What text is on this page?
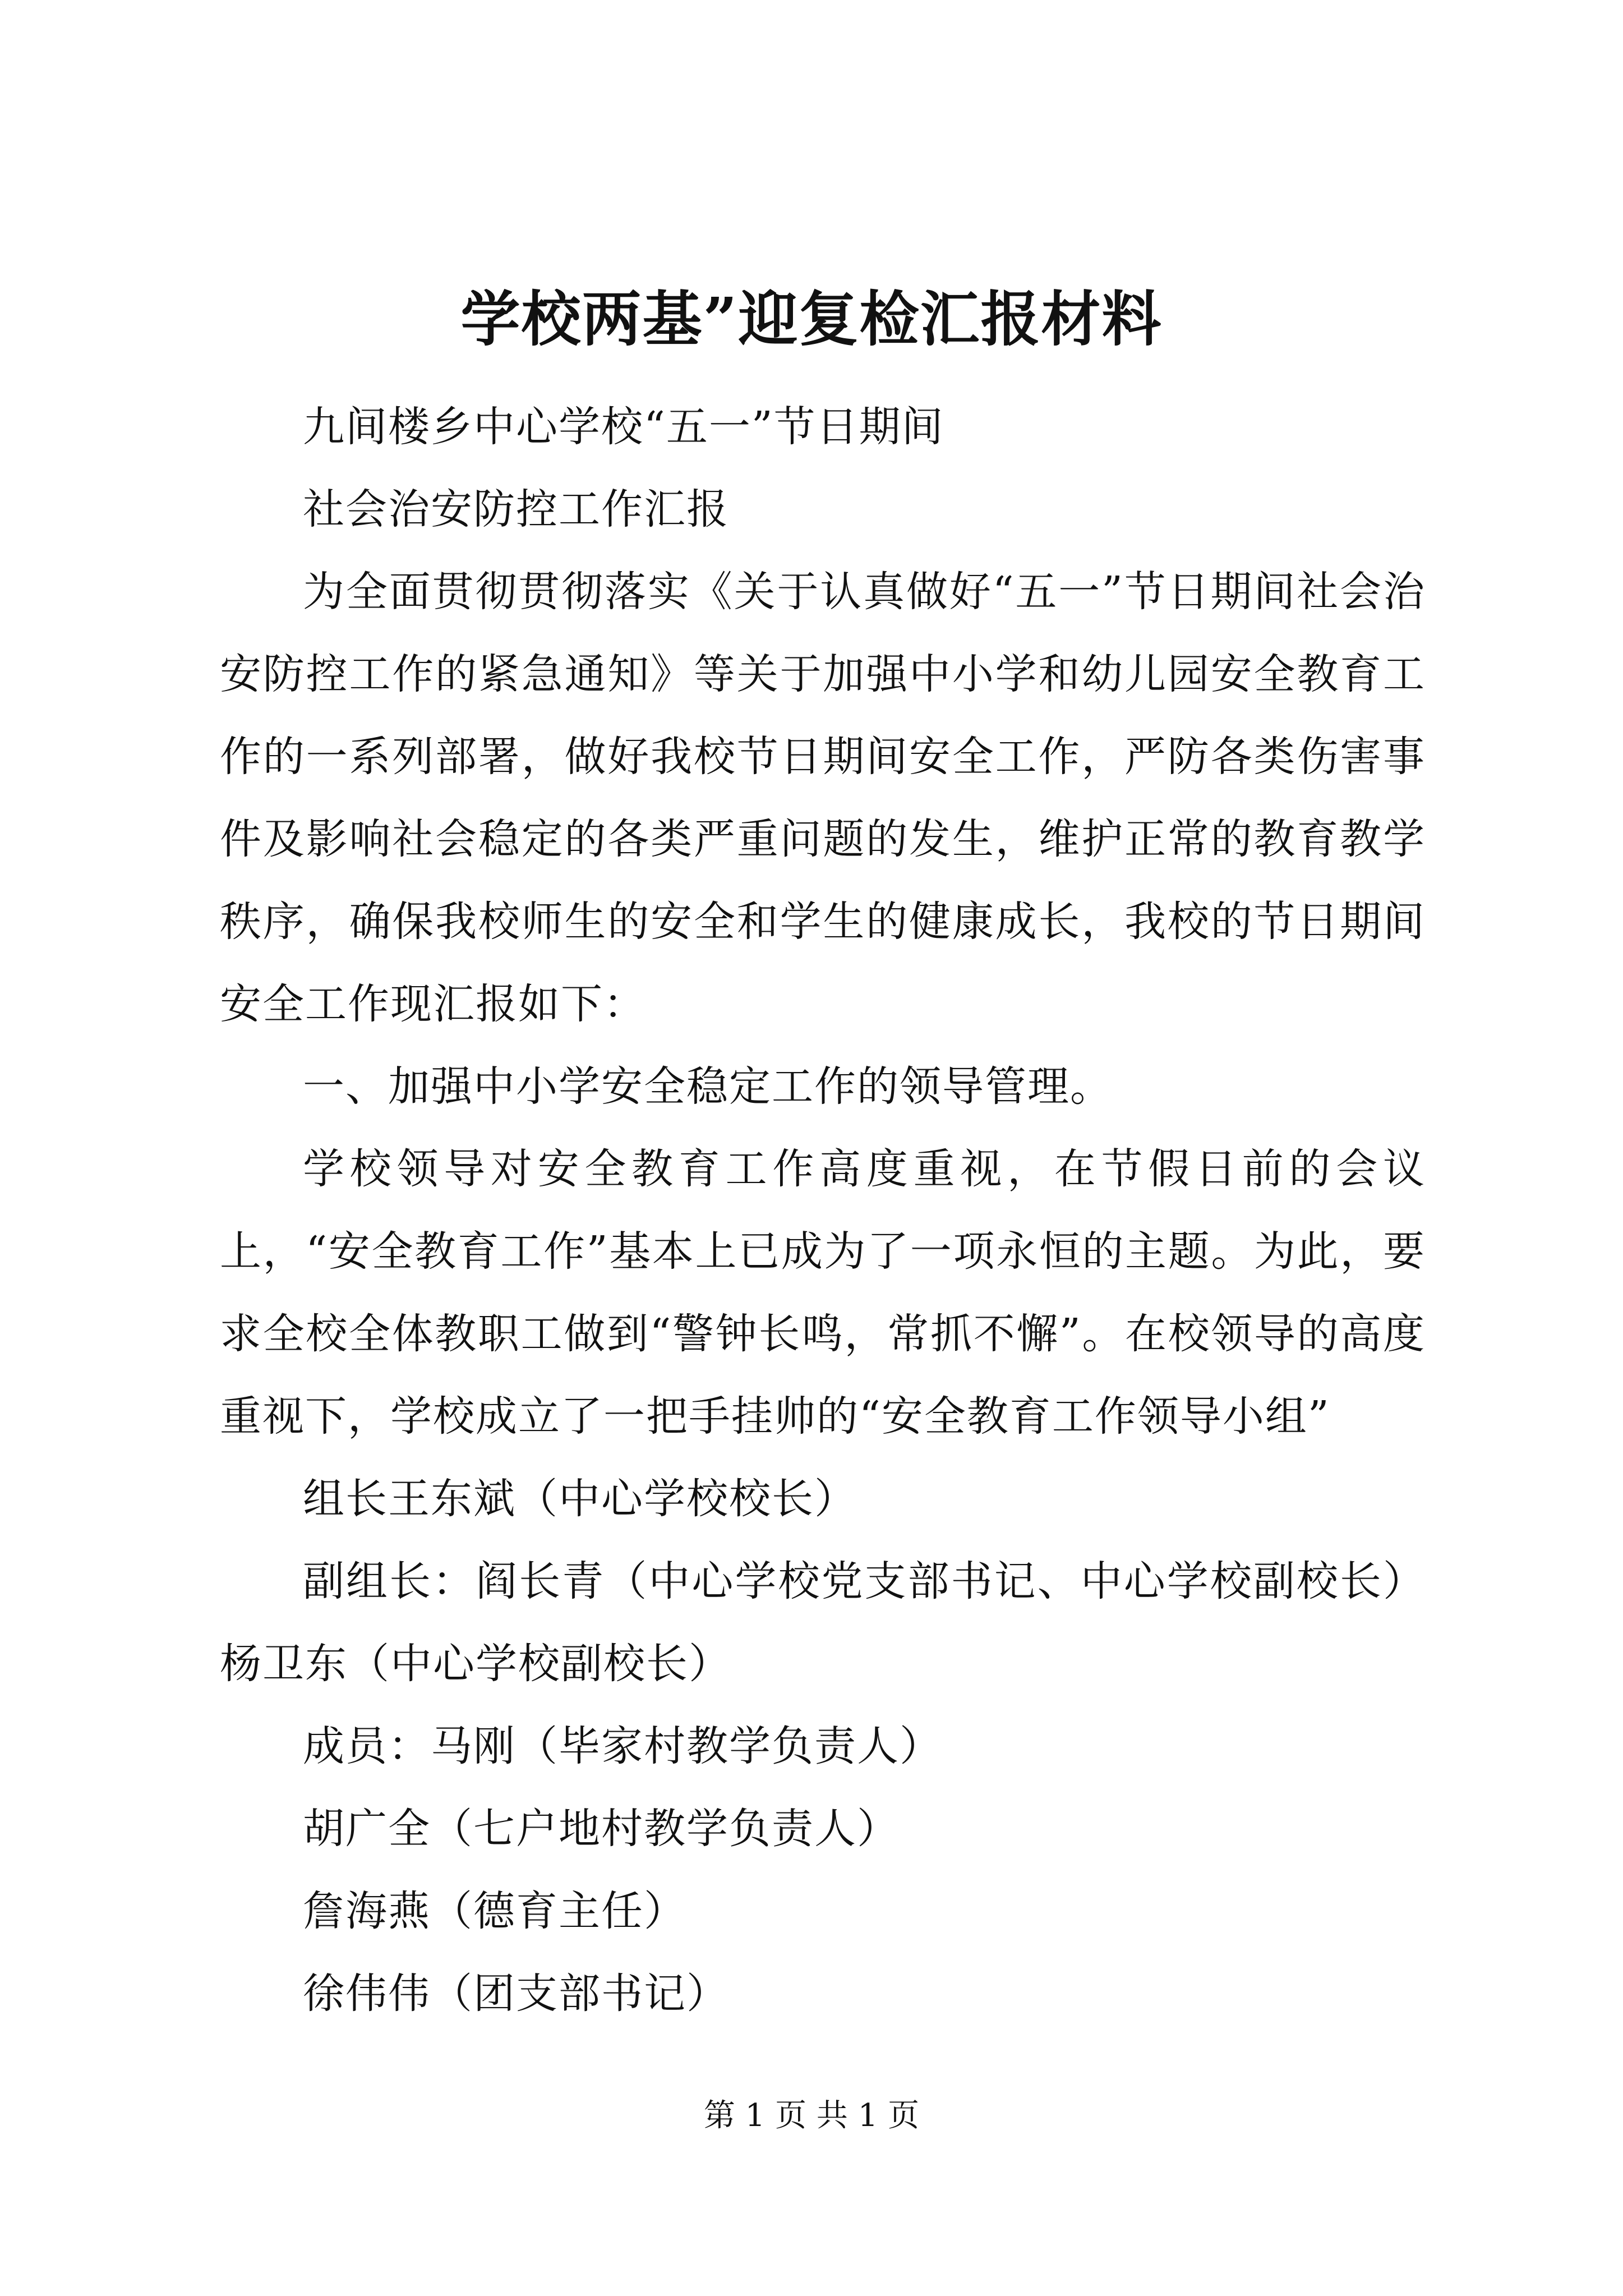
学校两基”迎复检汇报材料

九间楼乡中心学校“五一”节日期间

社会治安防控工作汇报

为全面贯彻贯彻落实《关于认真做好“五一”节日期间社会治安防控工作的紧急通知》等关于加强中小学和幼儿园安全教育工作的一系列部署，做好我校节日期间安全工作，严防各类伤害事件及影响社会稳定的各类严重问题的发生，维护正常的教育教学秩序，确保我校师生的安全和学生的健康成长，我校的节日期间安全工作现汇报如下：

一、加强中小学安全稳定工作的领导管理。

学校领导对安全教育工作高度重视，在节假日前的会议上，“安全教育工作”基本上已成为了一项永恒的主题。为此，要求全校全体教职工做到“警钟长鸣，常抓不懈”。在校领导的高度重视下，学校成立了一把手挂帅的“安全教育工作领导小组”

组长王东斌（中心学校校长）

副组长：阎长青（中心学校党支部书记、中心学校副校长）杨卫东（中心学校副校长）

成员：马刚（毕家村教学负责人）

胡广全（七户地村教学负责人）

詹海燕（德育主任）

徐伟伟（团支部书记）

第 1 页 共 1 页
